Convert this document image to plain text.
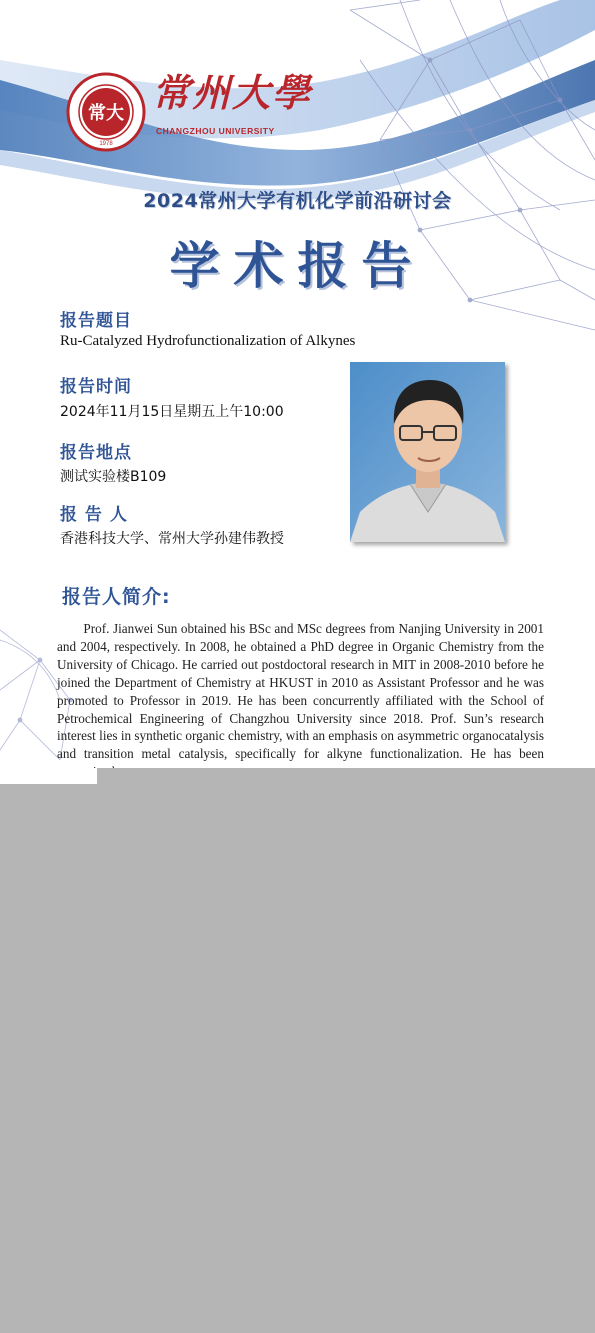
常大
1978
常州大學
CHANGZHOU UNIVERSITY
2024常州大学有机化学前沿研讨会
学术报告
报告题目
Ru-Catalyzed Hydrofunctionalization of Alkynes
报告时间
2024年11月15日星期五上午10:00
报告地点
测试实验楼B109
报 告 人
香港科技大学、常州大学孙建伟教授
报告人简介:
Prof. Jianwei Sun obtained his BSc and MSc degrees from Nanjing University in 2001 and 2004, respectively. In 2008, he obtained a PhD degree in Organic Chemistry from the University of Chicago. He carried out postdoctoral research in MIT in 2008-2010 before he joined the Department of Chemistry at HKUST in 2010 as Assistant Professor and he was promoted to Professor in 2019. He has been concurrently affiliated with the School of Petrochemical Engineering of Changzhou University since 2018. Prof. Sun’s research interest lies in synthetic organic chemistry, with an emphasis on asymmetric organocatalysis and transition metal catalysis, specifically for alkyne functionalization. He has been
